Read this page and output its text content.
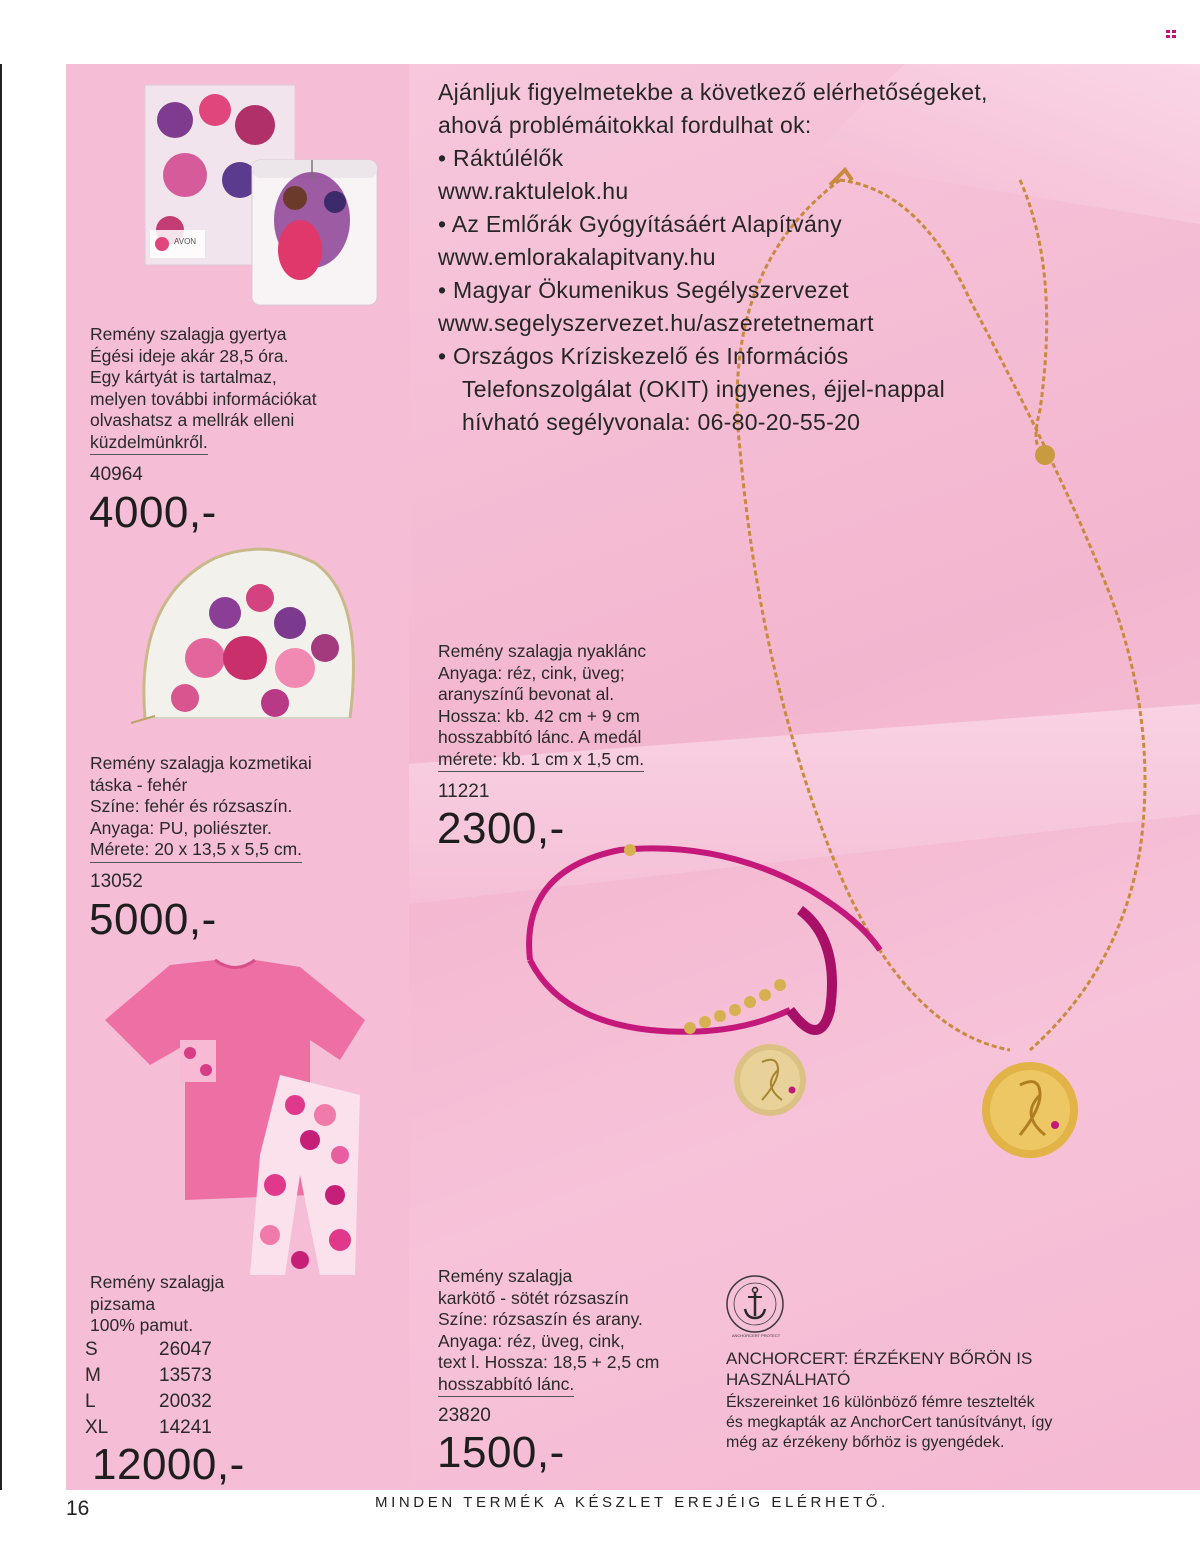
AVON
Remény szalagja gyertya
Égési ideje akár 28,5 óra.
Egy kártyát is tartalmaz,
melyen további információkat
olvashatsz a mellrák elleni
küzdelmünkről.
40964
4000,-
Remény szalagja kozmetikai
táska - fehér
Színe: fehér és rózsaszín.
Anyaga: PU, poliészter.
Mérete: 20 x 13,5 x 5,5 cm.
13052
5000,-
Remény szalagja
pizsama
100% pamut.
S	26047
M	13573
L	20032
XL	14241
12000,-
Ajánljuk figyelmetekbe a következő elérhetőségeket,
ahová problémáitokkal fordulhat ok:
• Ráktúlélők
www.raktulelok.hu
• Az Emlőrák Gyógyításáért Alapítvány
www.emlorakalapitvany.hu
• Magyar Ökumenikus Segélyszervezet
www.segelyszervezet.hu/aszeretetnemart
• Országos Kríziskezelő és Információs
Telefonszolgálat (OKIT) ingyenes, éjjel-nappal
hívható segélyvonala: 06-80-20-55-20
Remény szalagja nyaklánc
Anyaga: réz, cink, üveg;
aranyszínű bevonat al.
Hossza: kb. 42 cm + 9 cm
hosszabbító lánc. A medál
mérete: kb. 1 cm x 1,5 cm.
11221
2300,-
Remény szalagja
karkötő - sötét rózsaszín
Színe: rózsaszín és arany.
Anyaga: réz, üveg, cink,
text l. Hossza: 18,5 + 2,5 cm
hosszabbító lánc.
23820
1500,-
ANCHORCERT PROTECT
ANCHORCERT: ÉRZÉKENY BŐRÖN IS
HASZNÁLHATÓ
Ékszereinket 16 különböző fémre tesztelték
és megkapták az AnchorCert tanúsítványt, így
még az érzékeny bőrhöz is gyengédek.
16	MINDEN TERMÉK A KÉSZLET EREJÉIG ELÉRHETŐ.
